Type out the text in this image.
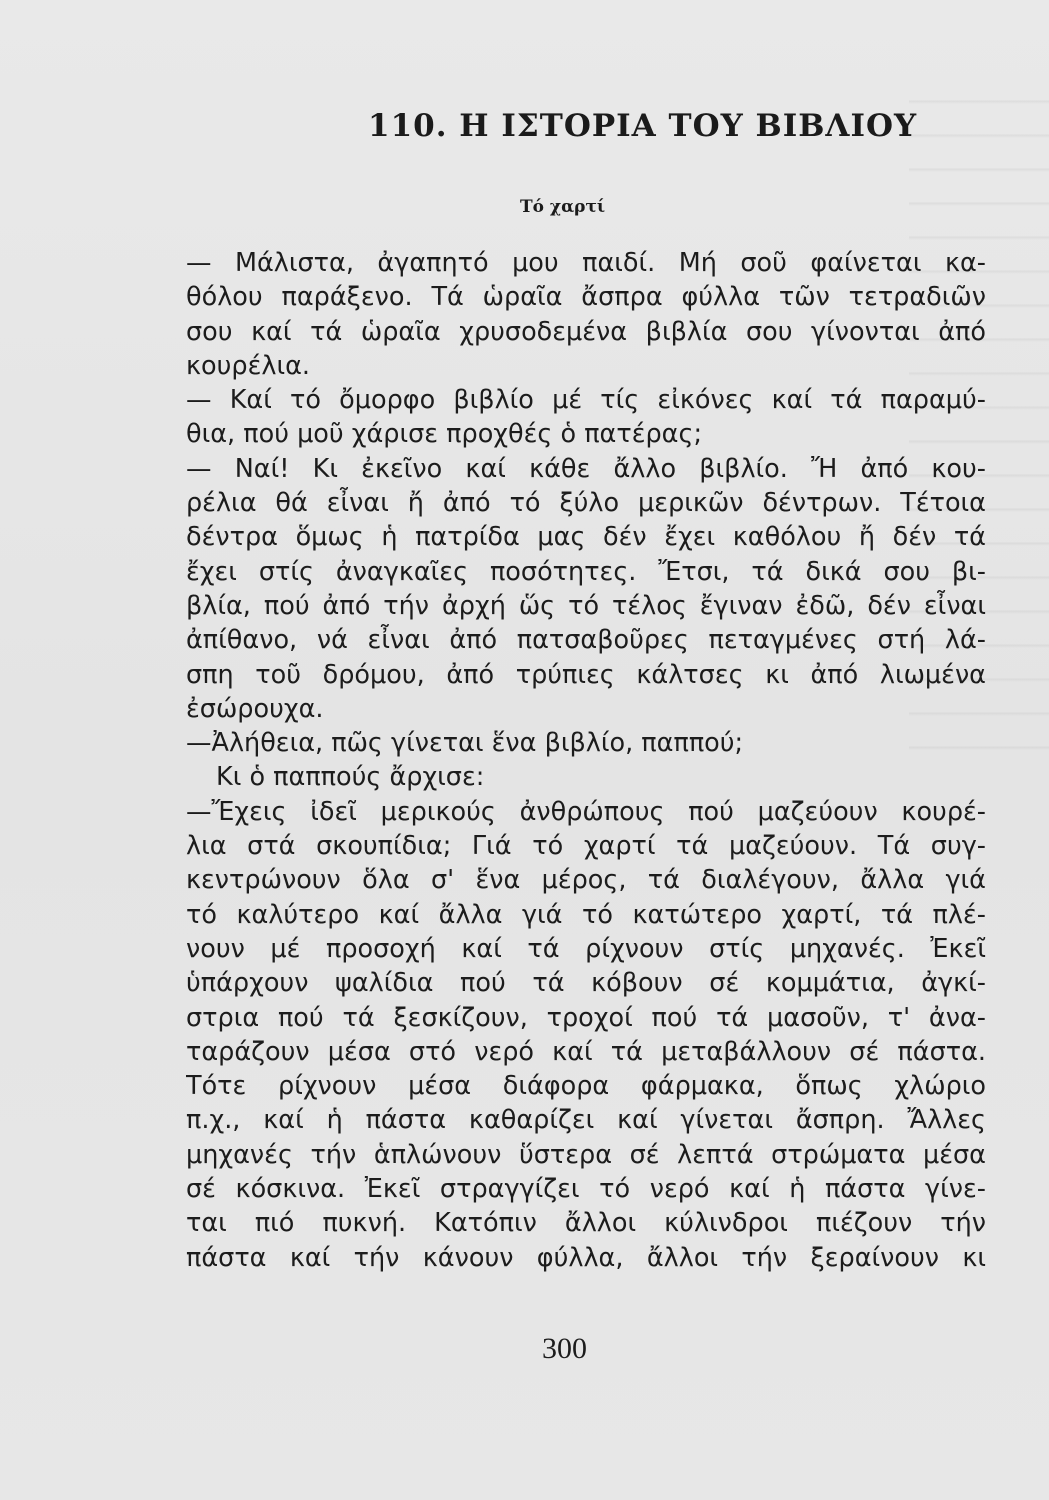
110. Η ΙΣΤΟΡΙΑ ΤΟΥ ΒΙΒΛΙΟΥ
Τό χαρτί
— Μάλιστα, ἀγαπητό μου παιδί. Μή σοῦ φαίνεται κα-
θόλου παράξενο. Τά ὡραῖα ἄσπρα φύλλα τῶν τετραδιῶν
σου καί τά ὡραῖα χρυσοδεμένα βιβλία σου γίνονται ἀπό
κουρέλια.
— Καί τό ὄμορφο βιβλίο μέ τίς εἰκόνες καί τά παραμύ-
θια, πού μοῦ χάρισε προχθές ὁ πατέρας;
— Ναί! Κι ἐκεῖνο καί κάθε ἄλλο βιβλίο. Ἤ ἀπό κου-
ρέλια θά εἶναι ἤ ἀπό τό ξύλο μερικῶν δέντρων. Τέτοια
δέντρα ὅμως ἡ πατρίδα μας δέν ἔχει καθόλου ἤ δέν τά
ἔχει στίς ἀναγκαῖες ποσότητες. Ἔτσι, τά δικά σου βι-
βλία, πού ἀπό τήν ἀρχή ὥς τό τέλος ἔγιναν ἐδῶ, δέν εἶναι
ἀπίθανο, νά εἶναι ἀπό πατσαβοῦρες πεταγμένες στή λά-
σπη τοῦ δρόμου, ἀπό τρύπιες κάλτσες κι ἀπό λιωμένα
ἐσώρουχα.
—Ἀλήθεια, πῶς γίνεται ἕνα βιβλίο, παππού;
Κι ὁ παππούς ἄρχισε:
—Ἔχεις ἰδεῖ μερικούς ἀνθρώπους πού μαζεύουν κουρέ-
λια στά σκουπίδια; Γιά τό χαρτί τά μαζεύουν. Τά συγ-
κεντρώνουν ὅλα σ' ἕνα μέρος, τά διαλέγουν, ἄλλα γιά
τό καλύτερο καί ἄλλα γιά τό κατώτερο χαρτί, τά πλέ-
νουν μέ προσοχή καί τά ρίχνουν στίς μηχανές. Ἐκεῖ
ὑπάρχουν ψαλίδια πού τά κόβουν σέ κομμάτια, ἀγκί-
στρια πού τά ξεσκίζουν, τροχοί πού τά μασοῦν, τ' ἀνα-
ταράζουν μέσα στό νερό καί τά μεταβάλλουν σέ πάστα.
Τότε ρίχνουν μέσα διάφορα φάρμακα, ὅπως χλώριο
π.χ., καί ἡ πάστα καθαρίζει καί γίνεται ἄσπρη. Ἄλλες
μηχανές τήν ἁπλώνουν ὕστερα σέ λεπτά στρώματα μέσα
σέ κόσκινα. Ἐκεῖ στραγγίζει τό νερό καί ἡ πάστα γίνε-
ται πιό πυκνή. Κατόπιν ἄλλοι κύλινδροι πιέζουν τήν
πάστα καί τήν κάνουν φύλλα, ἄλλοι τήν ξεραίνουν κι
300
